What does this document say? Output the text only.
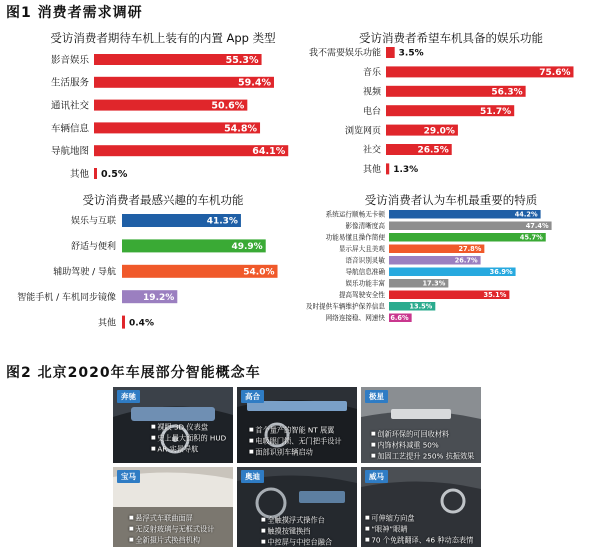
图1 消费者需求调研
受访消费者期待车机上装有的内置 App 类型	受访消费者希望车机具备的娱乐功能
受访消费者最感兴趣的车机功能	受访消费者认为车机最重要的特质
影音娱乐	55.3%
生活服务	59.4%
通讯社交	50.6%
车辆信息	54.8%
导航地图	64.1%
其他 0.5%
我不需要娱乐功能 3.5%
音乐	75.6%
视频	56.3%
电台	51.7%
浏览网页	29.0%
社交	26.5%
其他 1.3%
娱乐与互联	41.3%
舒适与便利	49.9%
辅助驾驶 / 导航	54.0%
智能手机 / 车机同步镜像	19.2%
其他 0.4%
系统运行顺畅无卡顿	44.2%
影像清晰度高	47.4%
功能易懂且操作简便	45.7%
显示屏大且美观	27.8%
语音识别灵敏	26.7%
导航信息准确	36.9%
娱乐功能丰富	17.3%
提高驾驶安全性	35.1%
及时提供车辆维护保养信息	13.5%
网络连接稳、网速快 6.6%
图2 北京2020年车展部分智能概念车
奔驰
■ 裸眼 3D 仪表盘
■ 史上最大面积的 HUD
■ AR 实景导航
高合
■ 首个量产的智能 NT 展翼
■ 电吸眼门锁、无门把手设计
■ 面部识别车辆启动
极星
■ 创新环保的可回收材料
■ 内饰材料减重 50%
■ 加固工艺提升 250% 抗振效果
宝马
■ 悬浮式车联曲面屏
■ 无反射玻璃与无框式设计
■ 全新摄片式换挡机构
奥迪
■ 全触摸浮式操作台
■ 触摸按键换挡
■ 中控屏与中控台融合
威马
■ 可伸缩方向盘
■ “眼神”眼睛
■ 70 个免跳翻译、46 种动态表情
